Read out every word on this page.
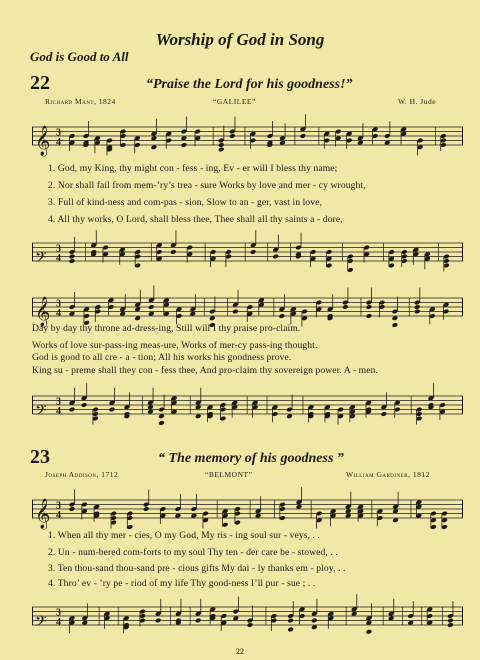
Worship of God in Song
God is Good to All
22	“Praise the Lord for his goodness!”
Richard Mant, 1824	“GALILEE”	W. H. Jude
𝄞 3
4
1. God, my King, thy might con - fess - ing, Ev - er will I bless thy name;
2. Nor shall fail from mem-’ry’s trea - sure Works by love and mer - cy wrought,
3. Full of kind-ness and com-pas - sion, Slow to an - ger, vast in love,
4. All thy works, O Lord, shall bless thee, Thee shall all thy saints a - dore,
𝄢 3
4
𝄞 3
4
Day by day thy throne ad-dress-ing, Still will I thy praise pro-claim.
Works of love sur-pass-ing meas-ure, Works of mer-cy pass-ing thought.
God is good to all cre - a - tion; All his works his goodness prove.
King su - preme shall they con - fess thee, And pro-claim thy sovereign power. A - men.
𝄢 3
4
23	“ The memory of his goodness ”
Joseph Addison, 1712	“BELMONT”	William Gardiner, 1812
𝄞 3
4
1. When all thy mer - cies, O my God, My ris - ing soul sur - veys, . .
2. Un - num-bered com-forts to my soul Thy ten - der care be - stowed, . .
3. Ten thou-sand thou-sand pre - cious gifts My dai - ly thanks em - ploy, . .
4. Thro’ ev - ’ry pe - riod of my life Thy good-ness I’ll pur - sue ; . .
𝄢 3
4
22
